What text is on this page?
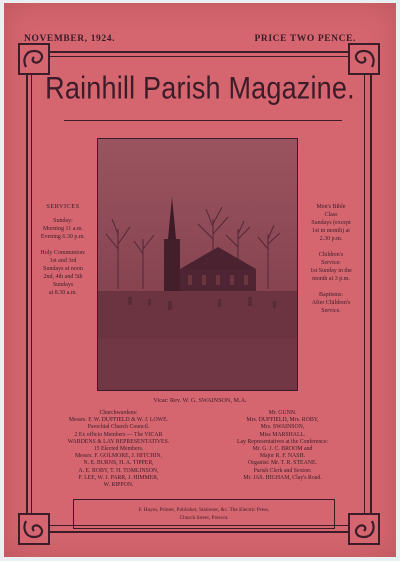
NOVEMBER, 1924.	PRICE TWO PENCE.
Rainhill Parish Magazine.
SERVICES
Sunday:
Morning 11 a.m.
Evening 6.30 p.m.

Holy Communion:
1st and 3rd
Sundays at noon
2nd, 4th and 5th
Sundays
at 8.30 a.m.
Men's Bible
Class
Sundays (except
1st in month) at
2.30 p.m.

Children's
Service:
1st Sunday in the
month at 3 p.m.

Baptisms:
After Children's
Service.
Vicar: Rev. W. G. SWAINSON, M.A.
Churchwardens:
Messrs. F. W. DUFFIELD & W. J. LOWE.
Parochial Church Council.
2 Ex officio Members — The VICAR
WARDENS & LAY REPRESENTATIVES.
15 Elected Members.
Messrs. F. GOLMORE, J. HITCHIN,
N. E. BURNS, H. A. TIPPER,
A. E. ROBY, T. H. TOMLINSON,
F. LEE, W. J. PARR, J. HIMMER,
W. RIPPON.
Mr. GUNN.
Mrs. DUFFIELD, Mrs. ROBY,
Mrs. SWAINSON,
Miss MARSHALL.
Lay Representatives at the Conference:
Mr. G. J. C. BROOM and
Major R. F. NASH.
Organist: Mr. T. R. STEANE.
Parish Clerk and Sexton:
Mr. JAS. HIGHAM, Clay's Road.
F. Hayes, Printer, Publisher, Stationer, &c. The Electric Press,
Church Street, Prescot.
